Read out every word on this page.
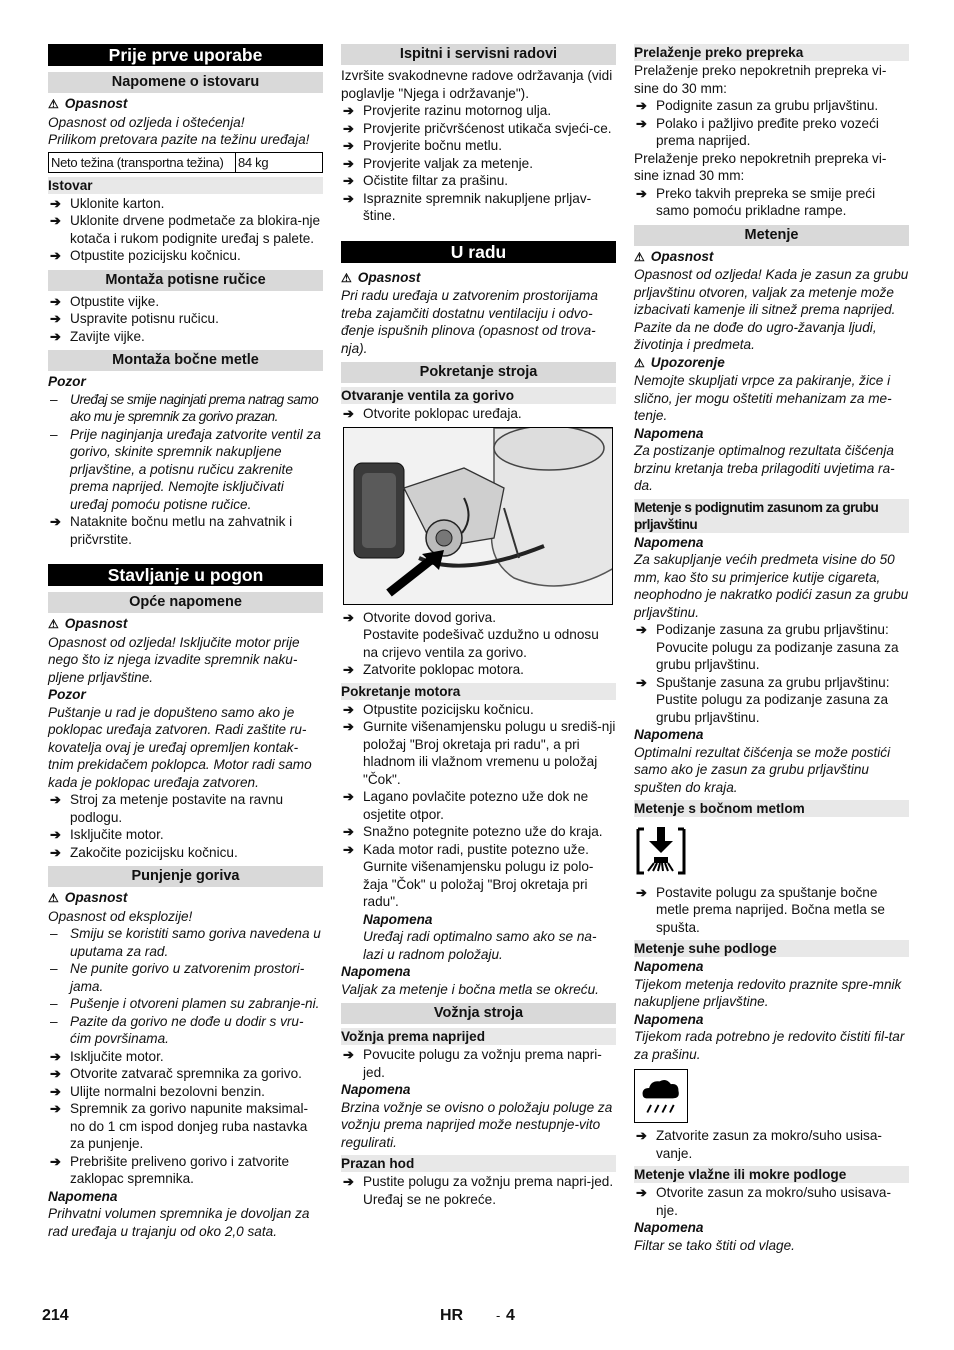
Prije prve uporabe
Napomene o istovaru
⚠ Opasnost
Opasnost od ozljeda i oštećenja!
Prilikom pretovara pazite na težinu uređaja!
Neto težina (transportna težina)	84 kg
Istovar
➔ Uklonite karton.
➔ Uklonite drvene podmetače za blokira-nje kotača i rukom podignite uređaj s palete.
➔ Otpustite pozicijsku kočnicu.
Montaža potisne ručice
➔ Otpustite vijke.
➔ Uspravite potisnu ručicu.
➔ Zavijte vijke.
Montaža bočne metle
Pozor
– Uređaj se smije naginjati prema natrag samo ako mu je spremnik za gorivo prazan.
– Prije naginjanja uređaja zatvorite ventil za gorivo, skinite spremnik nakupljene prljavštine, a potisnu ručicu zakrenite prema naprijed. Nemojte isključivati uređaj pomoću potisne ručice.
➔ Nataknite bočnu metlu na zahvatnik i pričvrstite.
Stavljanje u pogon
Opće napomene
⚠ Opasnost
Opasnost od ozljeda! Isključite motor prije nego što iz njega izvadite spremnik naku-pljene prljavštine.
Pozor
Puštanje u rad je dopušteno samo ako je poklopac uređaja zatvoren. Radi zaštite ru-kovatelja ovaj je uređaj opremljen kontak-tnim prekidačem poklopca. Motor radi samo kada je poklopac uređaja zatvoren.
➔ Stroj za metenje postavite na ravnu podlogu.
➔ Isključite motor.
➔ Zakočite pozicijsku kočnicu.
Punjenje goriva
⚠ Opasnost
Opasnost od eksplozije!
– Smiju se koristiti samo goriva navedena u uputama za rad.
– Ne punite gorivo u zatvorenim prostori-jama.
– Pušenje i otvoreni plamen su zabranje-ni.
– Pazite da gorivo ne dođe u dodir s vru-ćim površinama.
➔ Isključite motor.
➔ Otvorite zatvarač spremnika za gorivo.
➔ Ulijte normalni bezolovni benzin.
➔ Spremnik za gorivo napunite maksimal-no do 1 cm ispod donjeg ruba nastavka za punjenje.
➔ Prebrišite preliveno gorivo i zatvorite zaklopac spremnika.
Napomena
Prihvatni volumen spremnika je dovoljan za rad uređaja u trajanju od oko 2,0 sata.
Ispitni i servisni radovi
Izvršite svakodnevne radove održavanja (vidi poglavlje "Njega i održavanje").
➔ Provjerite razinu motornog ulja.
➔ Provjerite pričvršćenost utikača svjeći-ce.
➔ Provjerite bočnu metlu.
➔ Provjerite valjak za metenje.
➔ Očistite filtar za prašinu.
➔ Ispraznite spremnik nakupljene prljav-štine.
U radu
⚠ Opasnost
Pri radu uređaja u zatvorenim prostorijama treba zajamčiti dostatnu ventilaciju i odvo-đenje ispušnih plinova (opasnost od trova-nja).
Pokretanje stroja
Otvaranje ventila za gorivo
➔ Otvorite poklopac uređaja.
➔ Otvorite dovod goriva.
Postavite podešivač uzdužno u odnosu na crijevo ventila za gorivo.
➔ Zatvorite poklopac motora.
Pokretanje motora
➔ Otpustite pozicijsku kočnicu.
➔ Gurnite višenamjensku polugu u središ-nji položaj "Broj okretaja pri radu", a pri hladnom ili vlažnom vremenu u položaj "Čok".
➔ Lagano povlačite potezno uže dok ne osjetite otpor.
➔ Snažno potegnite potezno uže do kraja.
➔ Kada motor radi, pustite potezno uže. Gurnite višenamjensku polugu iz polo-žaja "Čok" u položaj "Broj okretaja pri radu".
Napomena
Uređaj radi optimalno samo ako se na-lazi u radnom položaju.
Napomena
Valjak za metenje i bočna metla se okreću.
Vožnja stroja
Vožnja prema naprijed
➔ Povucite polugu za vožnju prema napri-jed.
Napomena
Brzina vožnje se ovisno o položaju poluge za vožnju prema naprijed može nestupnje-vito regulirati.
Prazan hod
➔ Pustite polugu za vožnju prema napri-jed. Uređaj se ne pokreće.
Prelaženje preko prepreka
Prelaženje preko nepokretnih prepreka vi-sine do 30 mm:
➔ Podignite zasun za grubu prljavštinu.
➔ Polako i pažljivo pređite preko vozeći prema naprijed.
Prelaženje preko nepokretnih prepreka vi-sine iznad 30 mm:
➔ Preko takvih prepreka se smije preći samo pomoću prikladne rampe.
Metenje
⚠ Opasnost
Opasnost od ozljeda! Kada je zasun za grubu prljavštinu otvoren, valjak za metenje može izbacivati kamenje ili sitnež prema naprijed. Pazite da ne dođe do ugro-žavanja ljudi, životinja i predmeta.
⚠ Upozorenje
Nemojte skupljati vrpce za pakiranje, žice i slično, jer mogu oštetiti mehanizam za me-tenje.
Napomena
Za postizanje optimalnog rezultata čišćenja brzinu kretanja treba prilagoditi uvjetima ra-da.
Metenje s podignutim zasunom za grubu prljavštinu
Napomena
Za sakupljanje većih predmeta visine do 50 mm, kao što su primjerice kutije cigareta, neophodno je nakratko podići zasun za grubu prljavštinu.
➔ Podizanje zasuna za grubu prljavštinu:
Povucite polugu za podizanje zasuna za grubu prljavštinu.
➔ Spuštanje zasuna za grubu prljavštinu:
Pustite polugu za podizanje zasuna za grubu prljavštinu.
Napomena
Optimalni rezultat čišćenja se može postići samo ako je zasun za grubu prljavštinu spušten do kraja.
Metenje s bočnom metlom
➔ Postavite polugu za spuštanje bočne metle prema naprijed. Bočna metla se spušta.
Metenje suhe podloge
Napomena
Tijekom metenja redovito praznite spre-mnik nakupljene prljavštine.
Napomena
Tijekom rada potrebno je redovito čistiti fil-tar za prašinu.
➔ Zatvorite zasun za mokro/suho usisa-vanje.
Metenje vlažne ili mokre podloge
➔ Otvorite zasun za mokro/suho usisava-nje.
Napomena
Filtar se tako štiti od vlage.
214	HR	- 4
